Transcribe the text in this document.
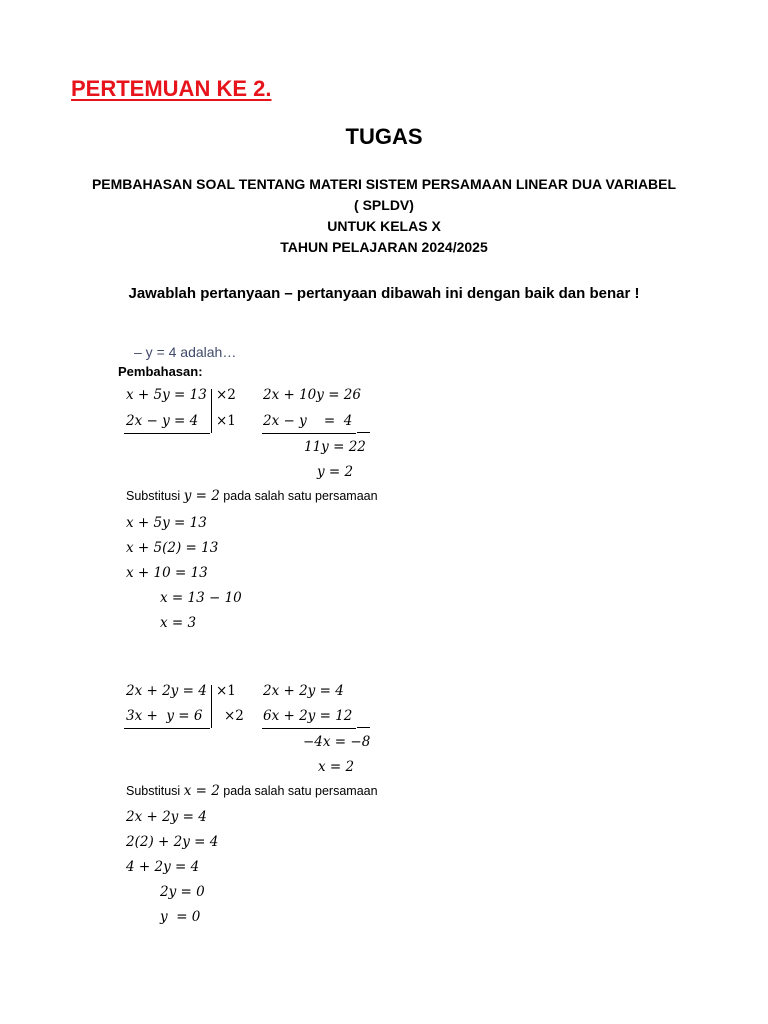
PERTEMUAN KE 2.
TUGAS
PEMBAHASAN SOAL TENTANG MATERI SISTEM PERSAMAAN LINEAR DUA VARIABEL
( SPLDV)
UNTUK KELAS X
TAHUN PELAJARAN 2024/2025
Jawablah pertanyaan – pertanyaan dibawah ini dengan baik dan benar !
– y = 4 adalah…
Pembahasan:
x + 5y = 13
2x − y = 4
×2
×1
2x + 10y = 26
2x − y    =  4
11y = 22
y = 2
Substitusi y = 2 pada salah satu persamaan
x + 5y = 13
x + 5(2) = 13
x + 10 = 13
x = 13 − 10
x = 3
2x + 2y = 4
3x +  y = 6
×1
×2
2x + 2y = 4
6x + 2y = 12
−4x = −8
x = 2
Substitusi x = 2 pada salah satu persamaan
2x + 2y = 4
2(2) + 2y = 4
4 + 2y = 4
2y = 0
y  = 0
